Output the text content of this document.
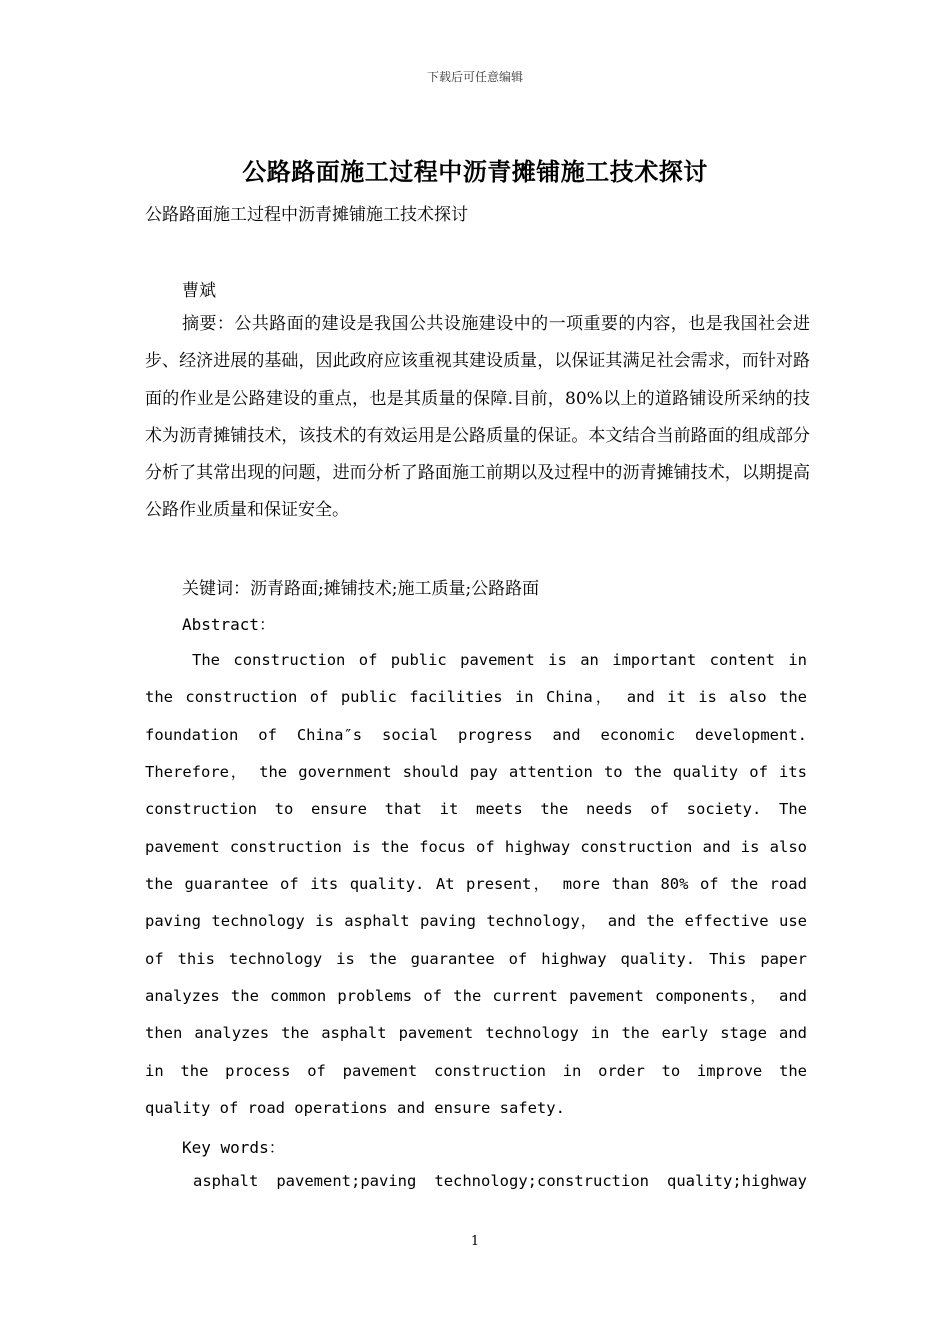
下载后可任意编辑
公路路面施工过程中沥青摊铺施工技术探讨
公路路面施工过程中沥青摊铺施工技术探讨
曹斌
摘要：公共路面的建设是我国公共设施建设中的一项重要的内容，也是我国社会进步、经济进展的基础，因此政府应该重视其建设质量，以保证其满足社会需求，而针对路面的作业是公路建设的重点，也是其质量的保障.目前，80%以上的道路铺设所采纳的技术为沥青摊铺技术，该技术的有效运用是公路质量的保证。本文结合当前路面的组成部分分析了其常出现的问题，进而分析了路面施工前期以及过程中的沥青摊铺技术，以期提高公路作业质量和保证安全。
关键词：沥青路面;摊铺技术;施工质量;公路路面
Abstract：

The construction of public pavement is an important content in the construction of public facilities in China， and it is also the foundation of China″s social progress and economic development. Therefore， the government should pay attention to the quality of its construction to ensure that it meets the needs of society. The pavement construction is the focus of highway construction and is also the guarantee of its quality. At present， more than 80% of the road paving technology is asphalt paving technology， and the effective use of this technology is the guarantee of highway quality. This paper analyzes the common problems of the current pavement components， and then analyzes the asphalt pavement technology in the early stage and in the process of pavement construction in order to improve the quality of road operations and ensure safety.

Key words：
asphalt pavement;paving technology;construction quality;highway
1
